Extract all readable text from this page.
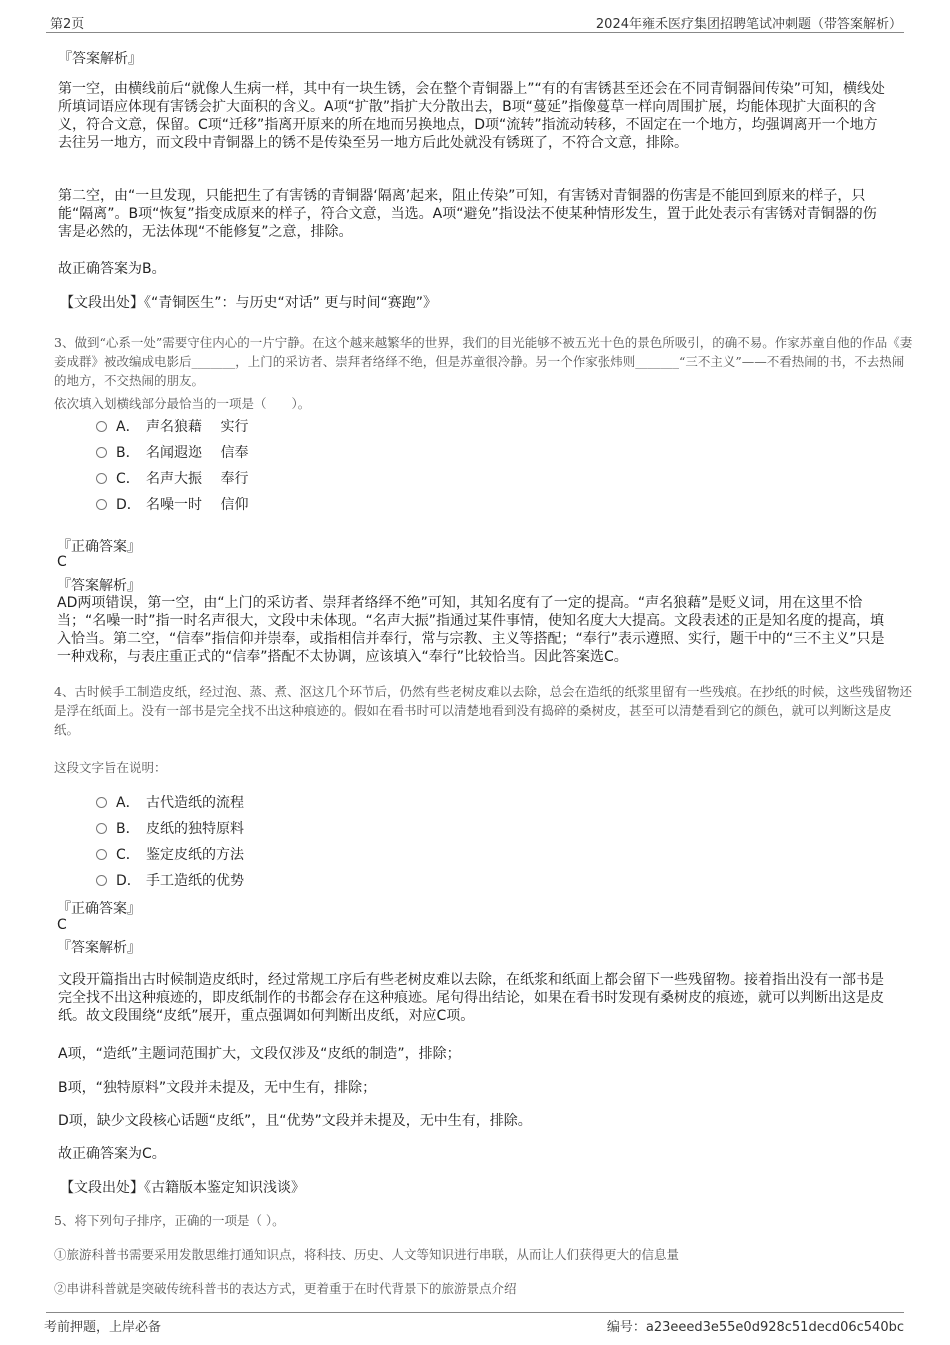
第2页	2024年雍禾医疗集团招聘笔试冲刺题（带答案解析）
『答案解析』
第一空，由横线前后“就像人生病一样，其中有一块生锈，会在整个青铜器上”“有的有害锈甚至还会在不同青铜器间传染”可知，横线处所填词语应体现有害锈会扩大面积的含义。A项“扩散”指扩大分散出去，B项“蔓延”指像蔓草一样向周围扩展，均能体现扩大面积的含义，符合文意，保留。C项“迁移”指离开原来的所在地而另换地点，D项“流转”指流动转移，不固定在一个地方，均强调离开一个地方去往另一地方，而文段中青铜器上的锈不是传染至另一地方后此处就没有锈斑了，不符合文意，排除。
第二空，由“一旦发现，只能把生了有害锈的青铜器‘隔离’起来，阻止传染”可知，有害锈对青铜器的伤害是不能回到原来的样子，只能“隔离”。B项“恢复”指变成原来的样子，符合文意，当选。A项“避免”指设法不使某种情形发生，置于此处表示有害锈对青铜器的伤害是必然的，无法体现“不能修复”之意，排除。
故正确答案为B。
【文段出处】《“青铜医生”：与历史“对话” 更与时间“赛跑”》
3、做到“心系一处”需要守住内心的一片宁静。在这个越来越繁华的世界，我们的目光能够不被五光十色的景色所吸引，的确不易。作家苏童自他的作品《妻妾成群》被改编成电影后_______，上门的采访者、崇拜者络绎不绝，但是苏童很冷静。另一个作家张炜则_______“三不主义”——不看热闹的书，不去热闹的地方，不交热闹的朋友。
依次填入划横线部分最恰当的一项是（　　）。
A． 声名狼藉　 实行
B． 名闻遐迩　 信奉
C． 名声大振　 奉行
D． 名噪一时　 信仰
『正确答案』
C
『答案解析』
AD两项错误，第一空，由“上门的采访者、崇拜者络绎不绝”可知，其知名度有了一定的提高。“声名狼藉”是贬义词，用在这里不恰当；“名噪一时”指一时名声很大，文段中未体现。“名声大振”指通过某件事情，使知名度大大提高。文段表述的正是知名度的提高，填入恰当。第二空，“信奉”指信仰并崇奉，或指相信并奉行，常与宗教、主义等搭配；“奉行”表示遵照、实行，题干中的“三不主义”只是一种戏称，与表庄重正式的“信奉”搭配不太协调，应该填入“奉行”比较恰当。因此答案选C。
4、古时候手工制造皮纸，经过泡、蒸、煮、沤这几个环节后，仍然有些老树皮难以去除，总会在造纸的纸浆里留有一些残痕。在抄纸的时候，这些残留物还是浮在纸面上。没有一部书是完全找不出这种痕迹的。假如在看书时可以清楚地看到没有捣碎的桑树皮，甚至可以清楚看到它的颜色，就可以判断这是皮纸。
这段文字旨在说明：
A． 古代造纸的流程
B． 皮纸的独特原料
C． 鉴定皮纸的方法
D． 手工造纸的优势
『正确答案』
C
『答案解析』
文段开篇指出古时候制造皮纸时，经过常规工序后有些老树皮难以去除，在纸浆和纸面上都会留下一些残留物。接着指出没有一部书是完全找不出这种痕迹的，即皮纸制作的书都会存在这种痕迹。尾句得出结论，如果在看书时发现有桑树皮的痕迹，就可以判断出这是皮纸。故文段围绕“皮纸”展开，重点强调如何判断出皮纸，对应C项。
A项，“造纸”主题词范围扩大，文段仅涉及“皮纸的制造”，排除；
B项，“独特原料”文段并未提及，无中生有，排除；
D项，缺少文段核心话题“皮纸”，且“优势”文段并未提及，无中生有，排除。
故正确答案为C。
【文段出处】《古籍版本鉴定知识浅谈》
5、将下列句子排序，正确的一项是（ ）。
①旅游科普书需要采用发散思维打通知识点，将科技、历史、人文等知识进行串联，从而让人们获得更大的信息量
②串讲科普就是突破传统科普书的表达方式，更着重于在时代背景下的旅游景点介绍
考前押题，上岸必备	编号：a23eeed3e55e0d928c51decd06c540bc
